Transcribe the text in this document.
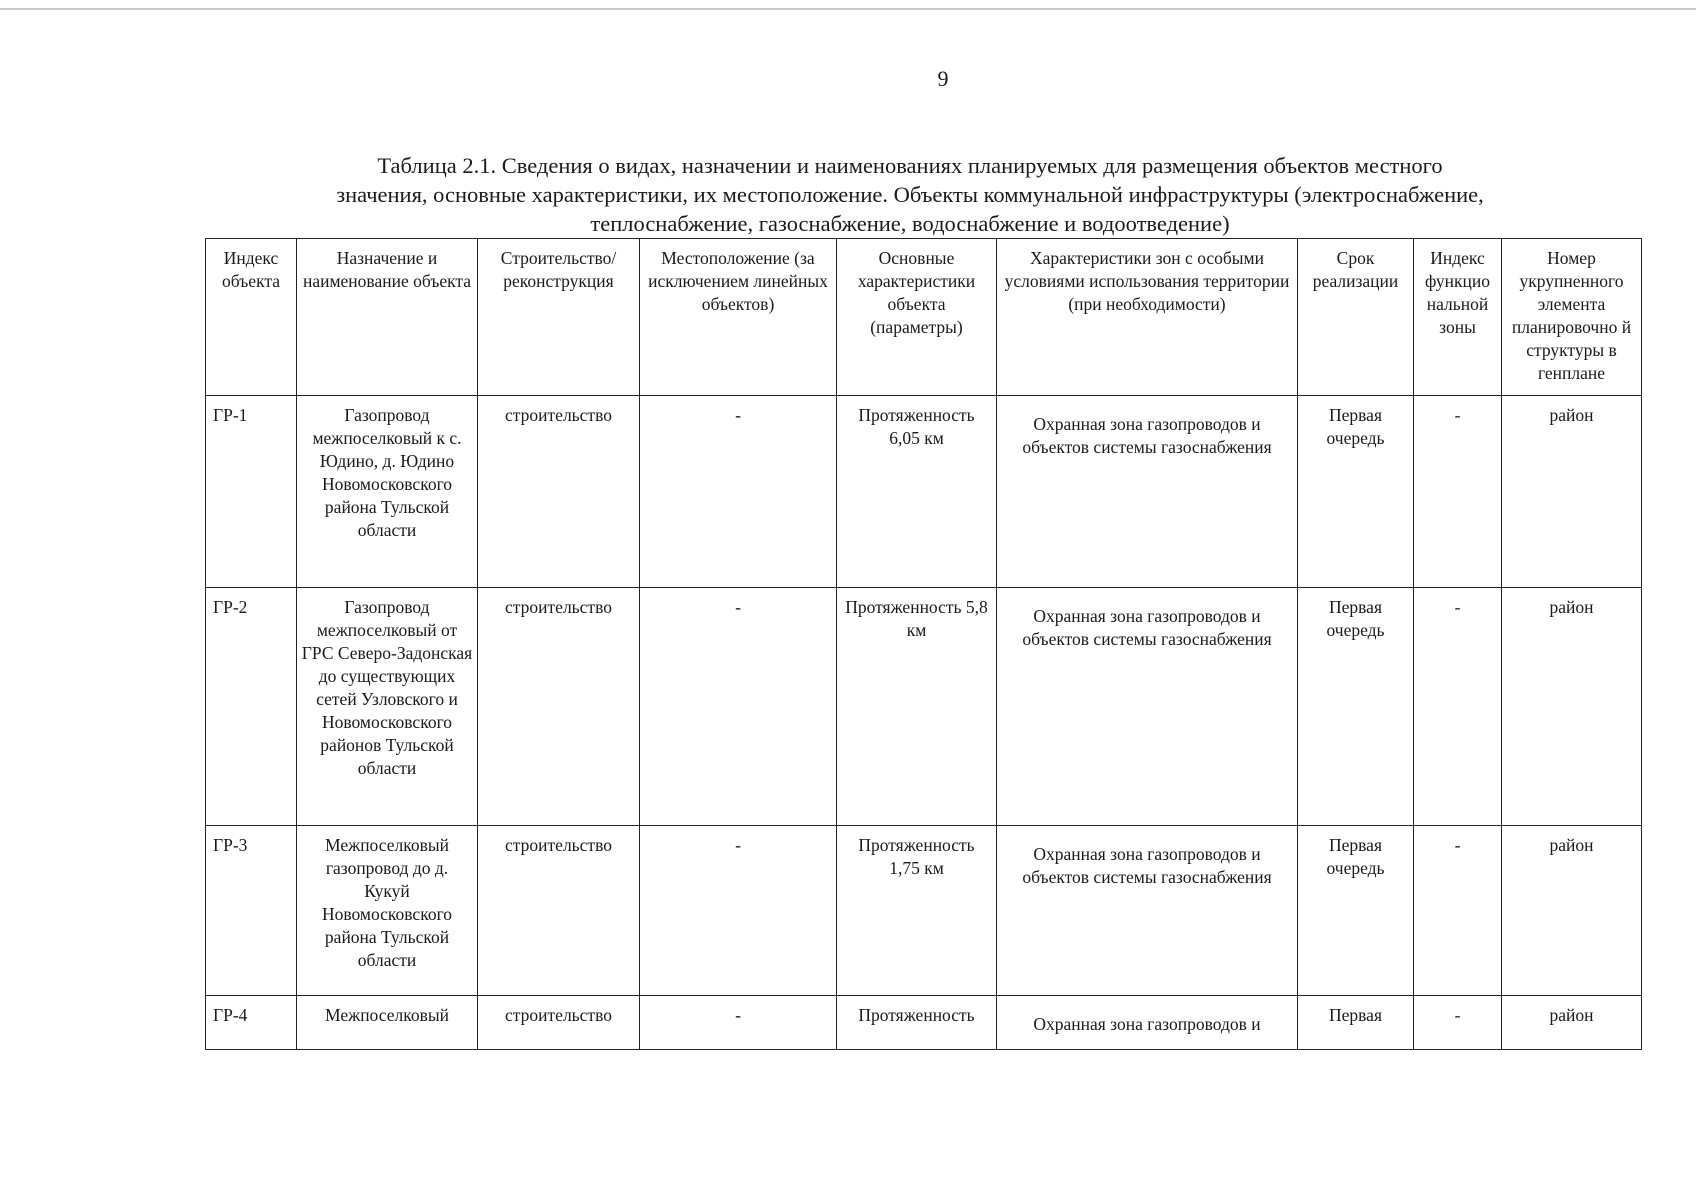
9
Таблица 2.1. Сведения о видах, назначении и наименованиях планируемых для размещения объектов местного
значения, основные характеристики, их местоположение. Объекты коммунальной инфраструктуры (электроснабжение,
теплоснабжение, газоснабжение, водоснабжение и водоотведение)
Индекс объекта	Назначение и наименование объекта	Строительство/ реконструкция	Местоположение (за исключением линейных объектов)	Основные характеристики объекта (параметры)	Характеристики зон с особыми условиями использования территории (при необходимости)	Срок реализации	Индекс функцио нальной зоны	Номер укрупненного элемента планировочно й структуры в генплане
ГР-1	Газопровод межпоселковый к с. Юдино, д. Юдино Новомосковского района Тульской области	строительство	-	Протяженность 6,05 км	Охранная зона газопроводов и объектов системы газоснабжения	Первая очередь	-	район
ГР-2	Газопровод межпоселковый от ГРС Северо-Задонская до существующих сетей Узловского и Новомосковского районов Тульской области	строительство	-	Протяженность 5,8 км	Охранная зона газопроводов и объектов системы газоснабжения	Первая очередь	-	район
ГР-3	Межпоселковый газопровод до д. Кукуй Новомосковского района Тульской области	строительство	-	Протяженность 1,75 км	Охранная зона газопроводов и объектов системы газоснабжения	Первая очередь	-	район
ГР-4	Межпоселковый	строительство	-	Протяженность	Охранная зона газопроводов и	Первая	-	район
